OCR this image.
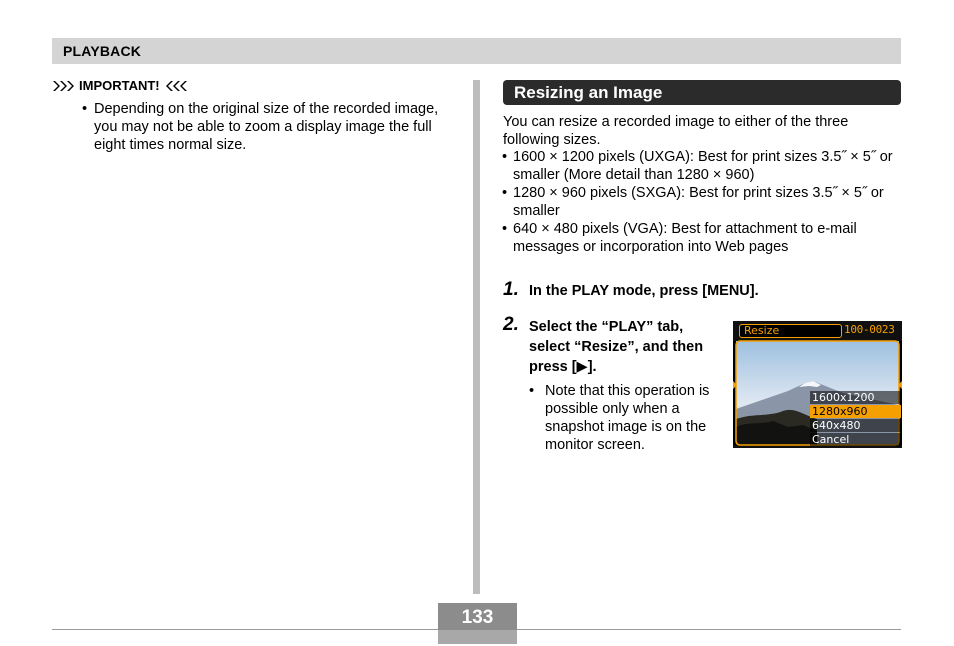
PLAYBACK
IMPORTANT!
• Depending on the original size of the recorded image, you may not be able to zoom a display image the full eight times normal size.
Resizing an Image
You can resize a recorded image to either of the three following sizes.
• 1600 × 1200 pixels (UXGA): Best for print sizes 3.5˝ × 5˝ or smaller (More detail than 1280 × 960)
• 1280 × 960 pixels (SXGA): Best for print sizes 3.5˝ × 5˝ or smaller
• 640 × 480 pixels (VGA): Best for attachment to e-mail messages or incorporation into Web pages
1. In the PLAY mode, press [MENU].
2. Select the “PLAY” tab, select “Resize”, and then press [▶].
• Note that this operation is possible only when a snapshot image is on the monitor screen.
Resize	100-0023
1600x1200
1280x960
640x480
Cancel
133
